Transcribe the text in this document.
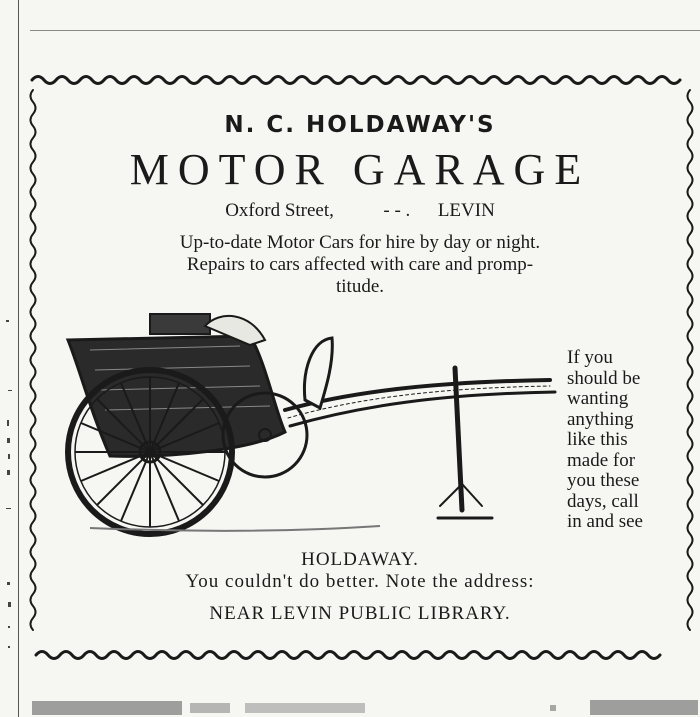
N. C. HOLDAWAY'S
MOTOR GARAGE
Oxford Street,	- - . LEVIN
Up-to-date Motor Cars for hire by day or night.
Repairs to cars affected with care and promp-
titude.
If you
should be
wanting
anything
like this
made for
you these
days, call
in and see
HOLDAWAY.
You couldn't do better. Note the address:
NEAR LEVIN PUBLIC LIBRARY.
